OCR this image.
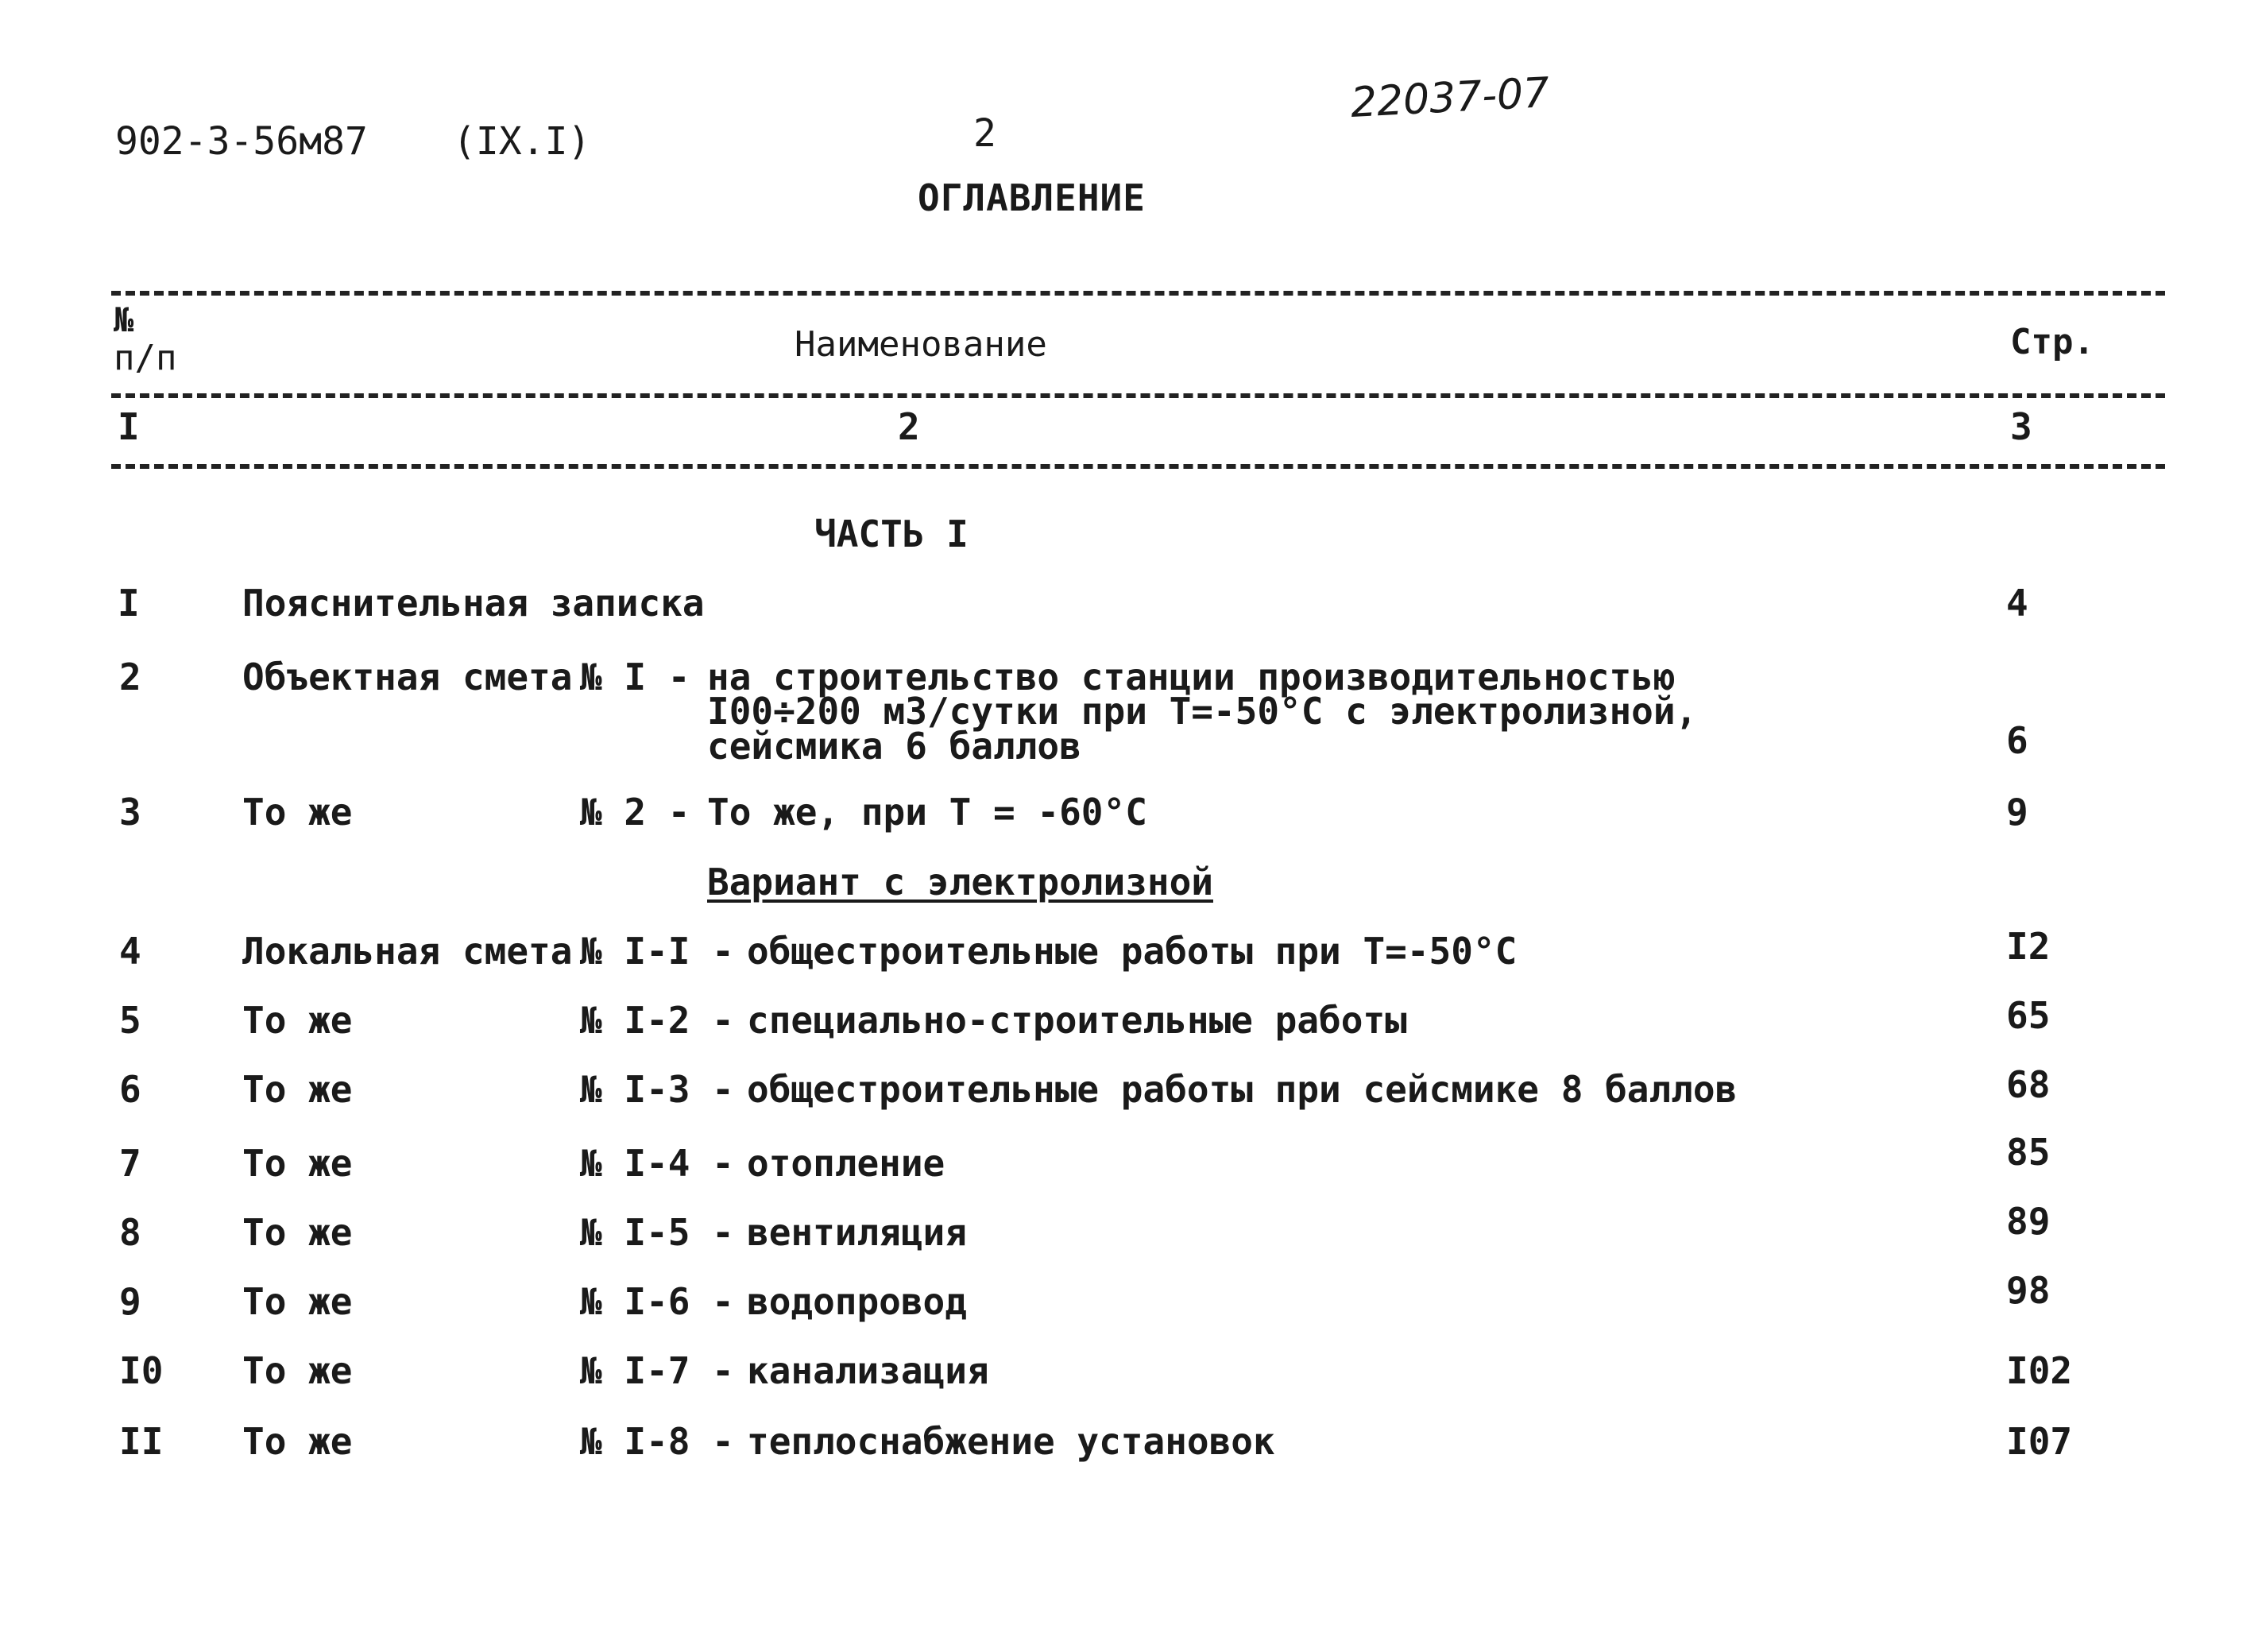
902-3-56м87 (IX.I)	2
22037-07
ОГЛАВЛЕНИЕ
№
п/п	Наименование	Стр.
I	2	3
ЧАСТЬ I
I	Пояснительная записка	4
2	Объектная смета № I - на строительство станции производительностью
I00÷200 м3/сутки при Т=-50°С с электролизной,
сейсмика 6 баллов	6
3	То же	№ 2 - То же, при Т = -60°С	9
Вариант с электролизной
4	Локальная смета № I-I - общестроительные работы при Т=-50°С	I2
5	То же	№ I-2 - специально-строительные работы	65
6	То же	№ I-3 - общестроительные работы при сейсмике 8 баллов	68
7	То же	№ I-4 - отопление	85
8	То же	№ I-5 - вентиляция	89
9	То же	№ I-6 - водопровод	98
I0 То же	№ I-7 - канализация	I02
II То же	№ I-8 - теплоснабжение установок	I07
